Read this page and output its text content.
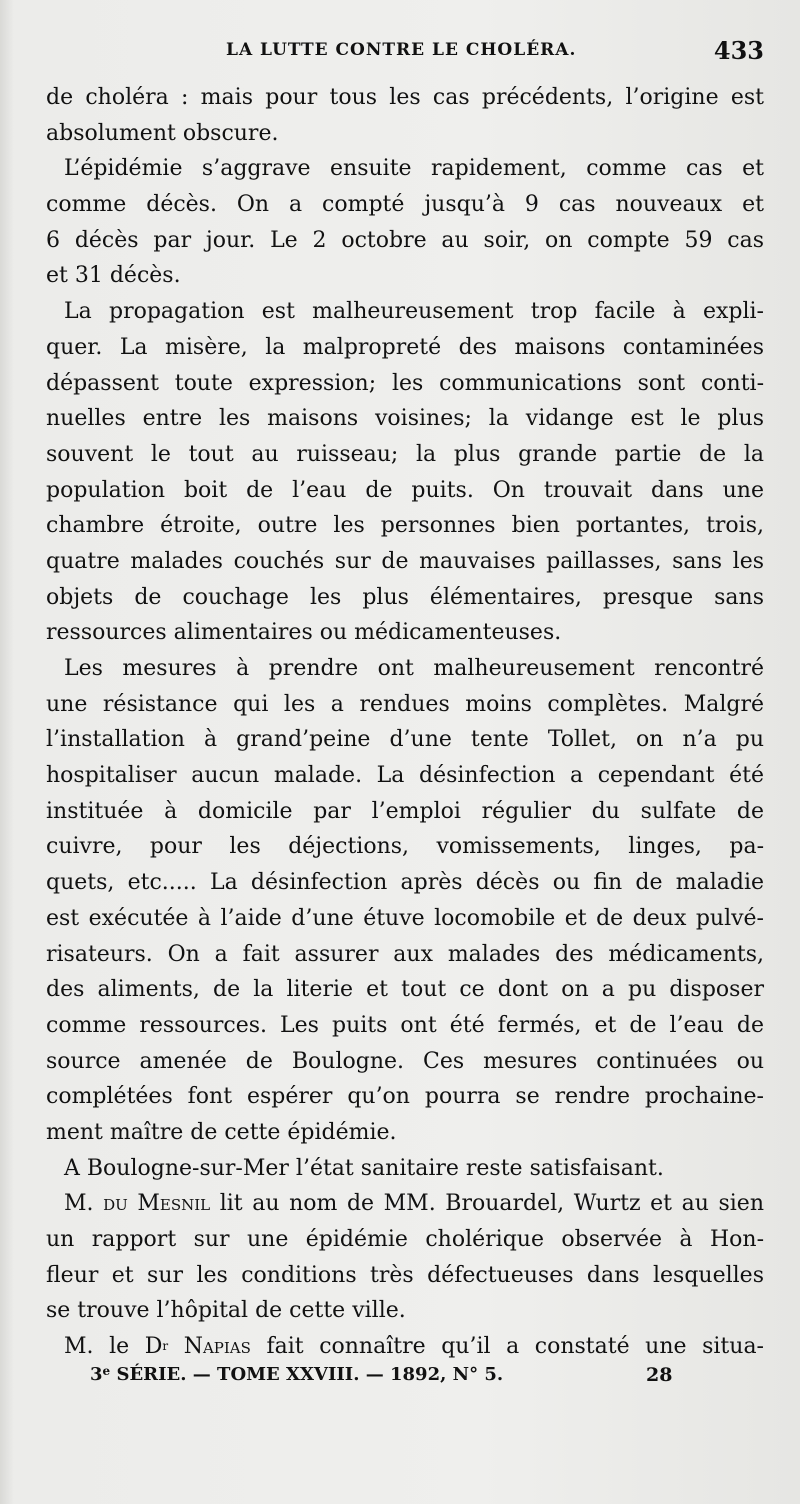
LA LUTTE CONTRE LE CHOLÉRA.	433
de choléra : mais pour tous les cas précédents, l’origine est
absolument obscure.
L’épidémie s’aggrave ensuite rapidement, comme cas et
comme décès. On a compté jusqu’à 9 cas nouveaux et
6 décès par jour. Le 2 octobre au soir, on compte 59 cas
et 31 décès.
La propagation est malheureusement trop facile à expli-
quer. La misère, la malpropreté des maisons contaminées
dépassent toute expression; les communications sont conti-
nuelles entre les maisons voisines; la vidange est le plus
souvent le tout au ruisseau; la plus grande partie de la
population boit de l’eau de puits. On trouvait dans une
chambre étroite, outre les personnes bien portantes, trois,
quatre malades couchés sur de mauvaises paillasses, sans les
objets de couchage les plus élémentaires, presque sans
ressources alimentaires ou médicamenteuses.
Les mesures à prendre ont malheureusement rencontré
une résistance qui les a rendues moins complètes. Malgré
l’installation à grand’peine d’une tente Tollet, on n’a pu
hospitaliser aucun malade. La désinfection a cependant été
instituée à domicile par l’emploi régulier du sulfate de
cuivre, pour les déjections, vomissements, linges, pa-
quets, etc..... La désinfection après décès ou fin de maladie
est exécutée à l’aide d’une étuve locomobile et de deux pulvé-
risateurs. On a fait assurer aux malades des médicaments,
des aliments, de la literie et tout ce dont on a pu disposer
comme ressources. Les puits ont été fermés, et de l’eau de
source amenée de Boulogne. Ces mesures continuées ou
complétées font espérer qu’on pourra se rendre prochaine-
ment maître de cette épidémie.
A Boulogne-sur-Mer l’état sanitaire reste satisfaisant.
M. du Mesnil lit au nom de MM. Brouardel, Wurtz et au sien
un rapport sur une épidémie cholérique observée à Hon-
fleur et sur les conditions très défectueuses dans lesquelles
se trouve l’hôpital de cette ville.
M. le $D^r$ Napias fait connaître qu’il a constaté une situa-
3e SÉRIE. — TOME XXVIII. — 1892, N° 5.	28
